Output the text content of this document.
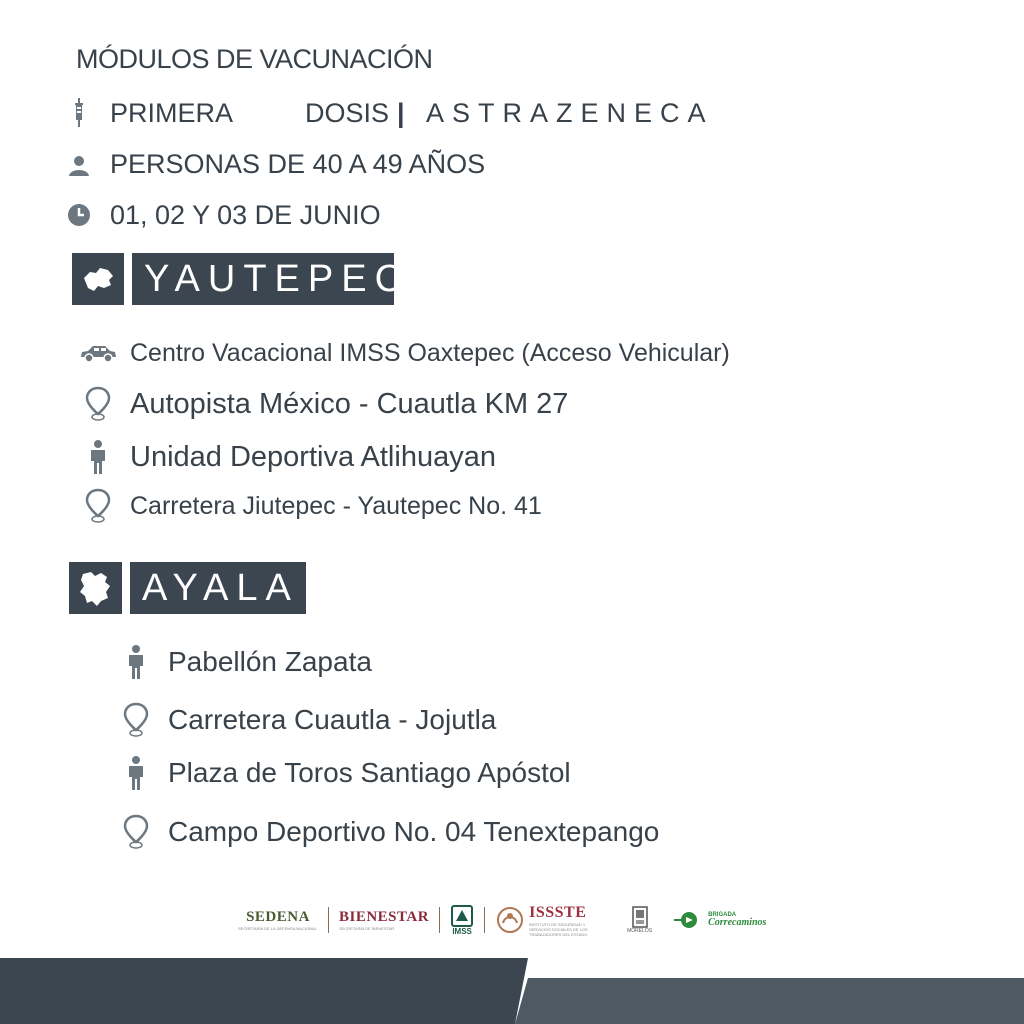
MÓDULOS DE VACUNACIÓN
PRIMERA	DOSIS | ASTRAZENECA
PERSONAS DE 40 A 49 AÑOS
01, 02 Y 03 DE JUNIO
YAUTEPEC
Centro Vacacional IMSS Oaxtepec (Acceso Vehicular)
Autopista México - Cuautla KM 27
Unidad Deportiva Atlihuayan
Carretera Jiutepec - Yautepec No. 41
AYALA
Pabellón Zapata
Carretera Cuautla - Jojutla
Plaza de Toros Santiago Apóstol
Campo Deportivo No. 04 Tenextepango
SEDENA
SECRETARÍA DE LA DEFENSA NACIONAL
BIENESTAR
SECRETARÍA DE BIENESTAR	IMSS
ISSSTE
INSTITUTO DE SEGURIDAD Y SERVICIOS SOCIALES DE LOS TRABAJADORES DEL ESTADO	MORELOS
BRIGADA
Correcaminos
